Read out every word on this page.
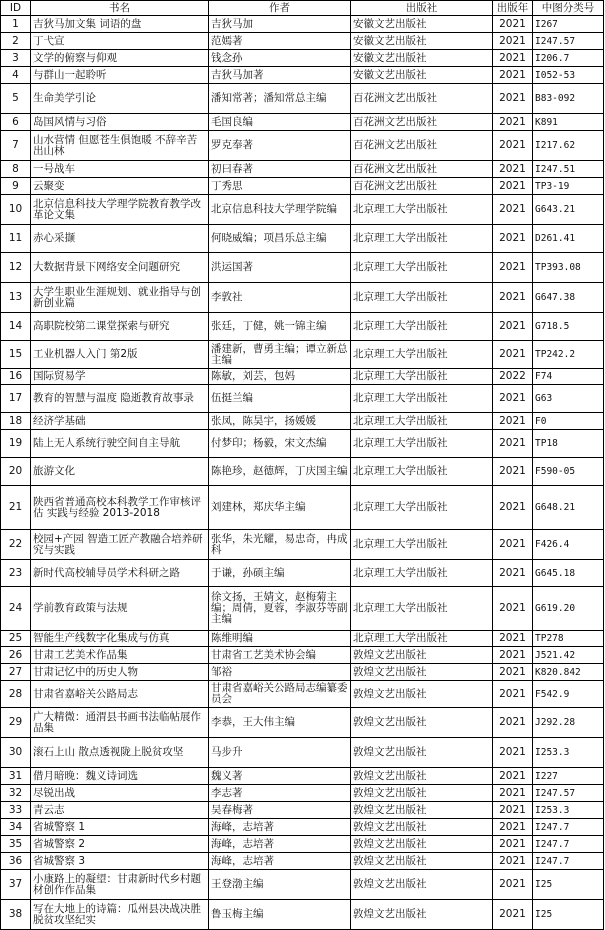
ID	书名	作者	出版社	出版年	中图分类号
1	吉狄马加文集 词语的盘	吉狄马加	安徽文艺出版社	2021	I267
2	丁弋宣	范嫣著	安徽文艺出版社	2021	I247.57
3	文学的俯察与仰观	钱念孙	安徽文艺出版社	2021	I206.7
4	与群山一起聆听	吉狄马加著	安徽文艺出版社	2021	I052-53
5	生命美学引论	潘知常著；潘知常总主编	百花洲文艺出版社	2021	B83-092
6	岛国风情与习俗	毛国良编	百花洲文艺出版社	2021	K891
7	山水营情 但愿苍生俱饱暖 不辞辛苦出山林	罗克奉著	百花洲文艺出版社	2021	I217.62
8	一号战车	初曰春著	百花洲文艺出版社	2021	I247.51
9	云聚变	丁秀思	百花洲文艺出版社	2021	TP3-19
10	北京信息科技大学理学院教育教学改革论文集	北京信息科技大学理学院编	北京理工大学出版社	2021	G643.21
11	赤心采撷	何晓威编；项昌乐总主编	北京理工大学出版社	2021	D261.41
12	大数据背景下网络安全问题研究	洪运国著	北京理工大学出版社	2021	TP393.08
13	大学生职业生涯规划、就业指导与创新创业篇	李敦社	北京理工大学出版社	2021	G647.38
14	高职院校第二课堂探索与研究	张廷，丁健，姚一锦主编	北京理工大学出版社	2021	G718.5
15	工业机器人入门 第2版	潘建新，曹勇主编；谭立新总主编	北京理工大学出版社	2021	TP242.2
16	国际贸易学	陈敏，刘芸，包妈	北京理工大学出版社	2022	F74
17	教育的智慧与温度 隐逝教育故事录	伍挺兰编	北京理工大学出版社	2021	G63
18	经济学基础	张凤，陈昊宇，扬媛媛	北京理工大学出版社	2021	F0
19	陆上无人系统行驶空间自主导航	付梦印；杨毅，宋文杰编	北京理工大学出版社	2021	TP18
20	旅游文化	陈艳珍，赵德辉，丁庆国主编	北京理工大学出版社	2021	F590-05
21	陕西省普通高校本科教学工作审核评估 实践与经验 2013-2018	刘建林，郑庆华主编	北京理工大学出版社	2021	G648.21
22	校园+产园 智造工匠产教融合培养研究与实践	张华，朱光耀，易忠奇，冉成科	北京理工大学出版社	2021	F426.4
23	新时代高校辅导员学术科研之路	于谦，孙硕主编	北京理工大学出版社	2021	G645.18
24	学前教育政策与法规	徐文扬，王婧文，赵梅菊主编；周倩，夏蓉，李淑芬等副主编	北京理工大学出版社	2021	G619.20
25	智能生产线数字化集成与仿真	陈维明编	北京理工大学出版社	2021	TP278
26	甘肃工艺美术作品集	甘肃省工艺美术协会编	敦煌文艺出版社	2021	J521.42
27	甘肃记忆中的历史人物	邹裕	敦煌文艺出版社	2021	K820.842
28	甘肃省嘉峪关公路局志	甘肃省嘉峪关公路局志编纂委员会	敦煌文艺出版社	2021	F542.9
29	广大精微：通渭县书画书法临帖展作品集	李恭，王大伟主编	敦煌文艺出版社	2021	J292.28
30	滚石上山 散点透视陇上脱贫攻坚	马步升	敦煌文艺出版社	2021	I253.3
31	借月暗晚：魏义诗词选	魏义著	敦煌文艺出版社	2021	I227
32	尽锐出战	李志著	敦煌文艺出版社	2021	I247.57
33	青云志	吴春梅著	敦煌文艺出版社	2021	I253.3
34	省城警察 1	海峰，志培著	敦煌文艺出版社	2021	I247.7
35	省城警察 2	海峰，志培著	敦煌文艺出版社	2021	I247.7
36	省城警察 3	海峰，志培著	敦煌文艺出版社	2021	I247.7
37	小康路上的凝望：甘肃新时代乡村题材创作作品集	王登渤主编	敦煌文艺出版社	2021	I25
38	写在大地上的诗篇：瓜州县决战决胜脱贫攻坚纪实	鲁玉梅主编	敦煌文艺出版社	2021	I25
